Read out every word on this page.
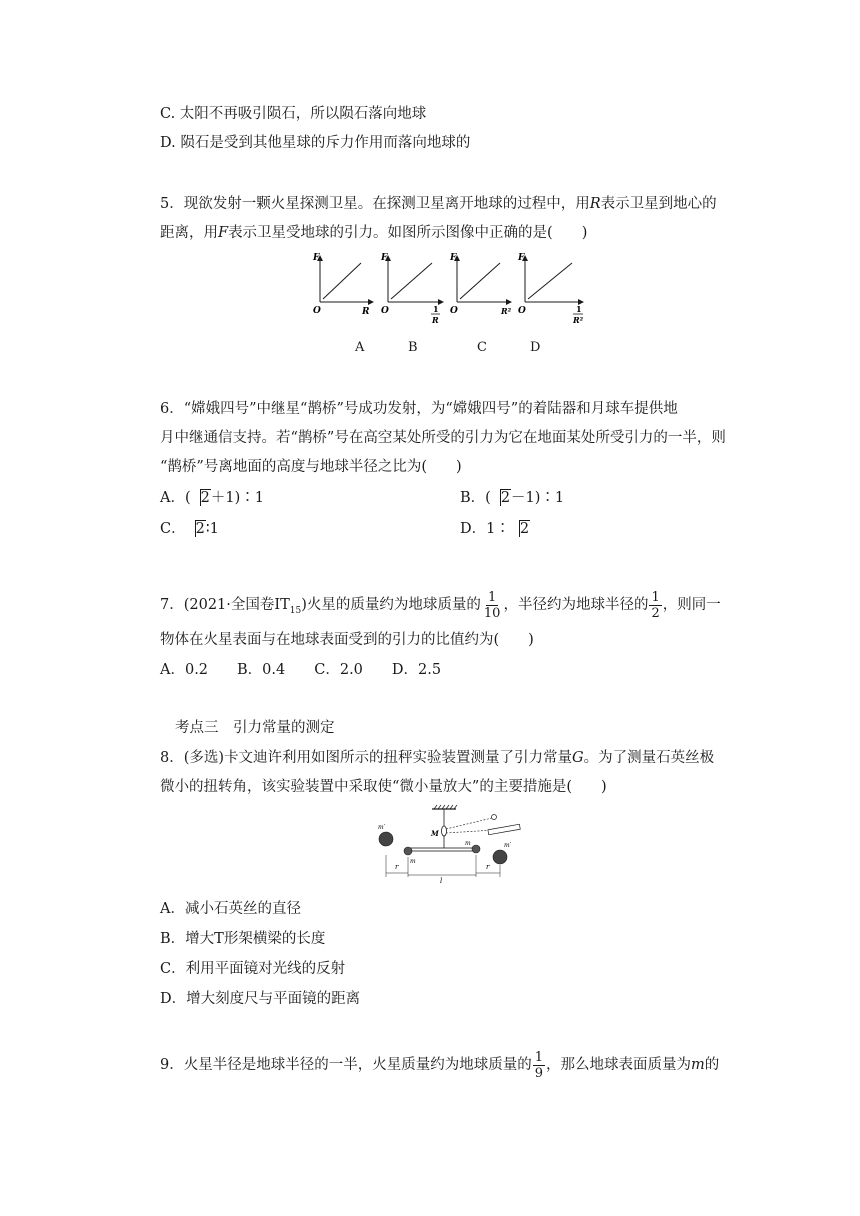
C. 太阳不再吸引陨石，所以陨石落向地球
D. 陨石是受到其他星球的斥力作用而落向地球的
5．现欲发射一颗火星探测卫星。在探测卫星离开地球的过程中，用R表示卫星到地心的
距离，用F表示卫星受地球的引力。如图所示图像中正确的是(　　)
F
O	R
F
O	1
R
F
O	R²
F
O	1
R²
A	B	C	D
6．“嫦娥四号”中继星“鹊桥”号成功发射，为“嫦娥四号”的着陆器和月球车提供地
月中继通信支持。若“鹊桥”号在高空某处所受的引力为它在地面某处所受引力的一半，则
“鹊桥”号离地面的高度与地球半径之比为(　　)
A．( 2＋1)∶1	B．( 2－1)∶1
C． 2∶1	D．1∶ 2
7．(2021·全国卷$ⅠT_{15}$)火星的质量约为地球质量的 $\frac{1}{10}$ ，半径约为地球半径的 $\frac{1}{2}$ ，则同一
物体在火星表面与在地球表面受到的引力的比值约为(　　)
A．0.2　　B．0.4　　C．2.0　　D．2.5
考点三　引力常量的测定
8．(多选)卡文迪许利用如图所示的扭秤实验装置测量了引力常量G。为了测量石英丝极
微小的扭转角，该实验装置中采取使“微小量放大”的主要措施是(　　)
M
m
m
m′
m′
r
l
r
A．减小石英丝的直径
B．增大T形架横梁的长度
C．利用平面镜对光线的反射
D．增大刻度尺与平面镜的距离
9．火星半径是地球半径的一半，火星质量约为地球质量的 $\frac{1}{9}$ ，那么地球表面质量为m的
